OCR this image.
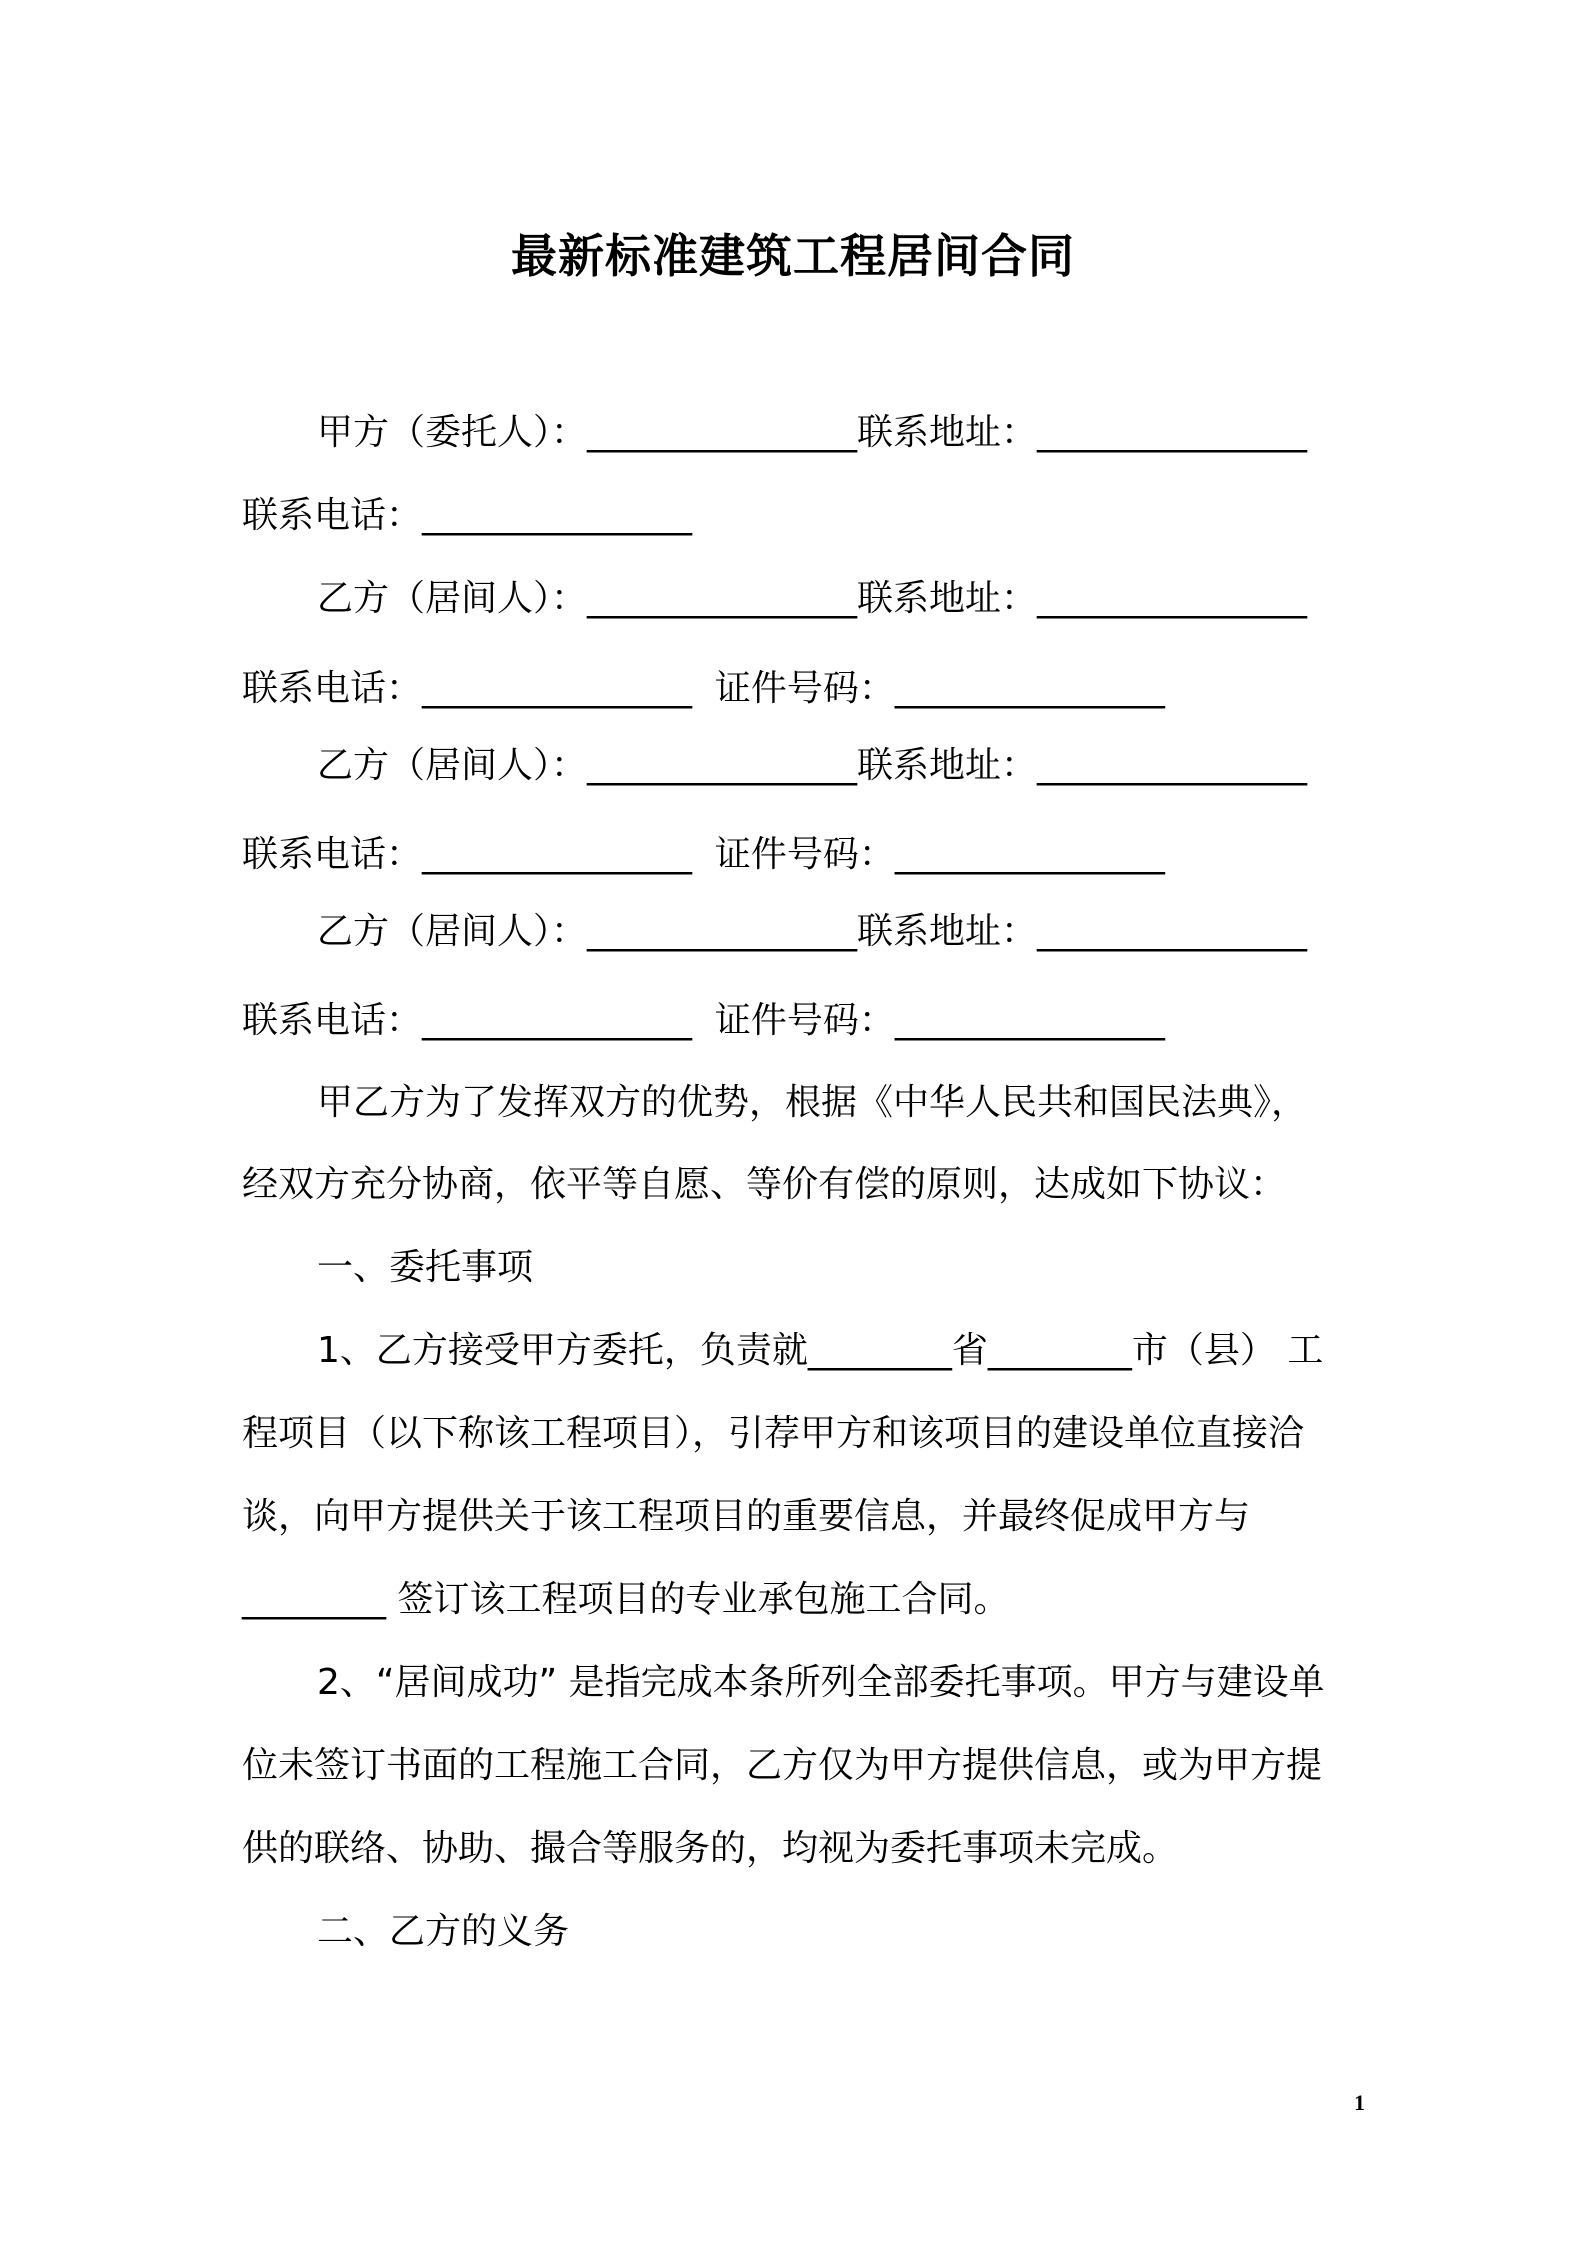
最新标准建筑工程居间合同
甲方（委托人）：_______________联系地址：_______________
联系电话：_______________
乙方（居间人）：_______________联系地址：_______________
联系电话：_______________  证件号码：_______________
乙方（居间人）：_______________联系地址：_______________
联系电话：_______________  证件号码：_______________
乙方（居间人）：_______________联系地址：_______________
联系电话：_______________  证件号码：_______________
甲乙方为了发挥双方的优势，根据《中华人民共和国民法典》，
经双方充分协商，依平等自愿、等价有偿的原则，达成如下协议：
一、委托事项
1、乙方接受甲方委托，负责就________省________市（县） 工
程项目（以下称该工程项目），引荐甲方和该项目的建设单位直接洽
谈，向甲方提供关于该工程项目的重要信息，并最终促成甲方与
________ 签订该工程项目的专业承包施工合同。
2、“居间成功” 是指完成本条所列全部委托事项。甲方与建设单
位未签订书面的工程施工合同，乙方仅为甲方提供信息，或为甲方提
供的联络、协助、撮合等服务的，均视为委托事项未完成。
二、乙方的义务
1
